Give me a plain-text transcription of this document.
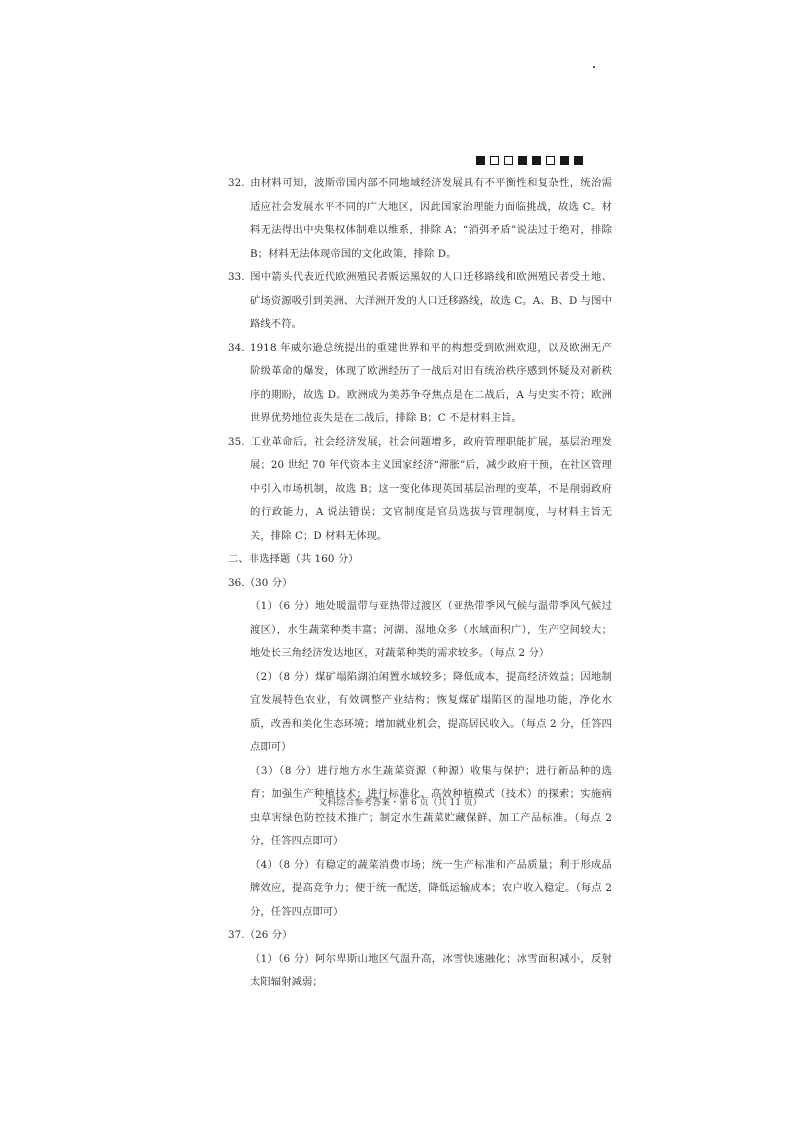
32. 由材料可知，波斯帝国内部不同地域经济发展具有不平衡性和复杂性，统治需适应社会发展水平不同的广大地区，因此国家治理能力面临挑战，故选 C。材料无法得出中央集权体制难以维系，排除 A；“消弭矛盾”说法过于绝对，排除 B；材料无法体现帝国的文化政策，排除 D。

33. 图中箭头代表近代欧洲殖民者贩运黑奴的人口迁移路线和欧洲殖民者受土地、矿场资源吸引到美洲、大洋洲开发的人口迁移路线，故选 C。A、B、D 与图中路线不符。

34. 1918 年威尔逊总统提出的重建世界和平的构想受到欧洲欢迎，以及欧洲无产阶级革命的爆发，体现了欧洲经历了一战后对旧有统治秩序感到怀疑及对新秩序的期盼，故选 D。欧洲成为美苏争夺焦点是在二战后，A 与史实不符；欧洲世界优势地位丧失是在二战后，排除 B；C 不是材料主旨。

35. 工业革命后，社会经济发展，社会问题增多，政府管理职能扩展，基层治理发展；20 世纪 70 年代资本主义国家经济“滞胀”后，减少政府干预，在社区管理中引入市场机制，故选 B；这一变化体现英国基层治理的变革，不是削弱政府的行政能力，A 说法错误；文官制度是官员选拔与管理制度，与材料主旨无关，排除 C；D 材料无体现。

二、非选择题（共 160 分）

36.（30 分）

（1）（6 分）地处暖温带与亚热带过渡区（亚热带季风气候与温带季风气候过渡区），水生蔬菜种类丰富；河湖、湿地众多（水域面积广），生产空间较大；地处长三角经济发达地区，对蔬菜种类的需求较多。（每点 2 分）

（2）（8 分）煤矿塌陷湖泊闲置水域较多；降低成本，提高经济效益；因地制宜发展特色农业，有效调整产业结构；恢复煤矿塌陷区的湿地功能，净化水质，改善和美化生态环境；增加就业机会，提高居民收入。（每点 2 分，任答四点即可）

（3）（8 分）进行地方水生蔬菜资源（种源）收集与保护；进行新品种的选育；加强生产种植技术；进行标准化、高效种植模式（技术）的探索；实施病虫草害绿色防控技术推广；制定水生蔬菜贮藏保鲜、加工产品标准。（每点 2 分，任答四点即可）

（4）（8 分）有稳定的蔬菜消费市场；统一生产标准和产品质量；利于形成品牌效应，提高竞争力；便于统一配送，降低运输成本；农户收入稳定。（每点 2 分，任答四点即可）

37.（26 分）

（1）（6 分）阿尔卑斯山地区气温升高，冰雪快速融化；冰雪面积减小，反射太阳辐射减弱；

文科综合参考答案・第 6 页（共 11 页）
